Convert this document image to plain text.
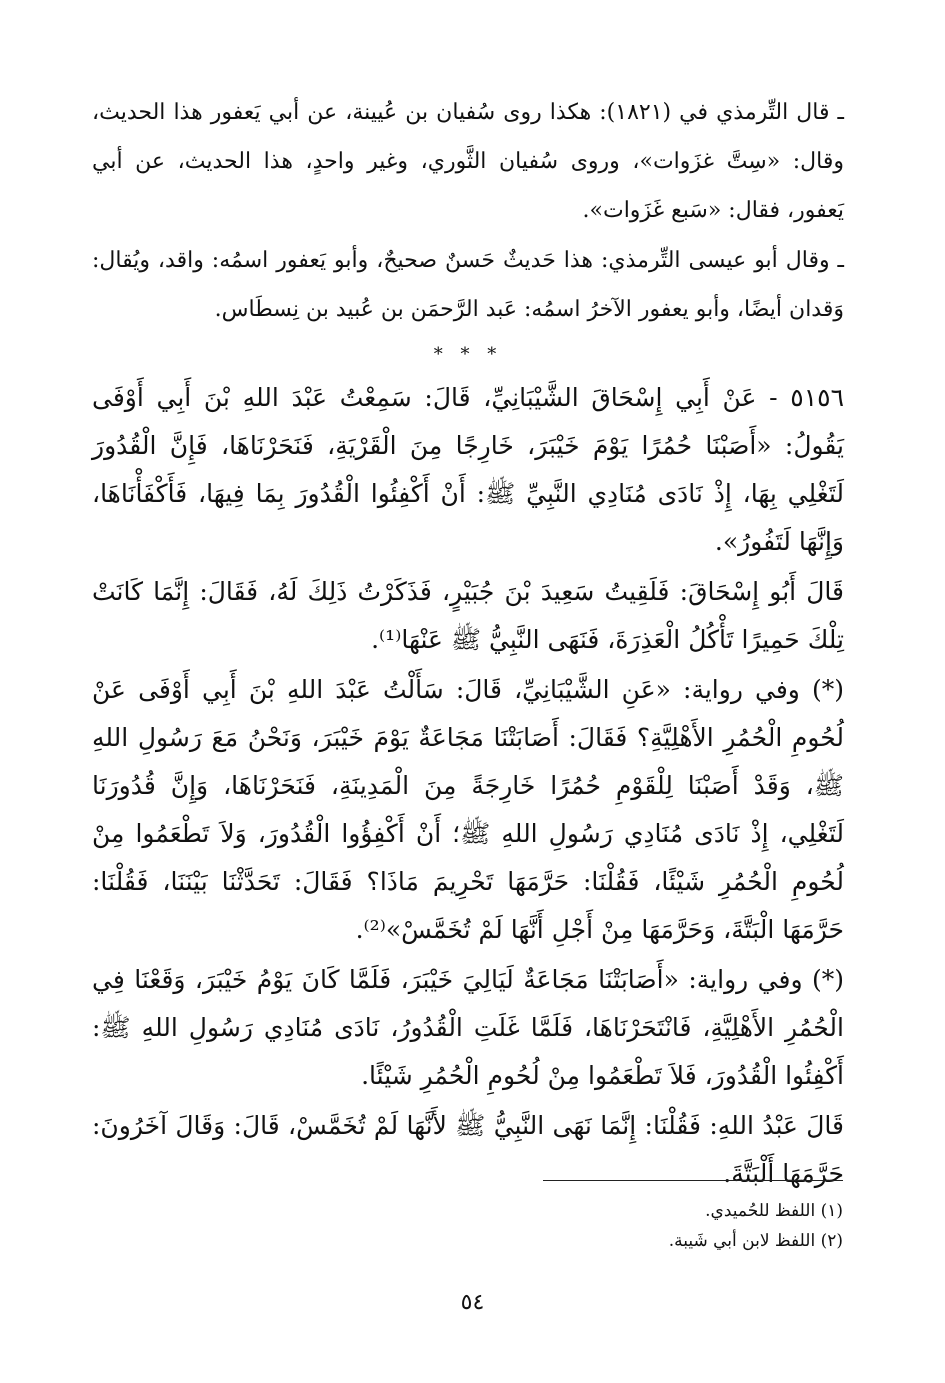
ـ قال التِّرمذي في (١٨٢١): هكذا روى سُفيان بن عُيينة، عن أبي يَعفور هذا الحديث، وقال: «سِتَّ غزَوات»، وروى سُفيان الثَّوري، وغير واحدٍ، هذا الحديث، عن أبي يَعفور، فقال: «سَبع غَزَوات».

ـ وقال أبو عيسى التِّرمذي: هذا حَديثٌ حَسنٌ صحيحٌ، وأبو يَعفور اسمُه: واقد، ويُقال: وَقدان أيضًا، وأبو يعفور الآخرُ اسمُه: عَبد الرَّحمَن بن عُبيد بن نِسطَاس.

* * *

٥١٥٦ - عَنْ أَبِي إِسْحَاقَ الشَّيْبَانِيِّ، قَالَ: سَمِعْتُ عَبْدَ اللهِ بْنَ أَبِي أَوْفَى يَقُولُ: «أَصَبْنَا حُمُرًا يَوْمَ خَيْبَرَ، خَارِجًا مِنَ الْقَرْيَةِ، فَنَحَرْنَاهَا، فَإِنَّ الْقُدُورَ لَتَغْلِي بِهَا، إِذْ نَادَى مُنَادِي النَّبِيِّ ﷺ: أَنْ أَكْفِئُوا الْقُدُورَ بِمَا فِيهَا، فَأَكْفَأْنَاهَا، وَإِنَّهَا لَتَفُورُ».

قَالَ أَبُو إِسْحَاقَ: فَلَقِيتُ سَعِيدَ بْنَ جُبَيْرٍ، فَذَكَرْتُ ذَلِكَ لَهُ، فَقَالَ: إِنَّمَا كَانَتْ تِلْكَ حَمِيرًا تَأْكُلُ الْعَذِرَةَ، فَنَهَى النَّبِيُّ ﷺ عَنْهَا⁽¹⁾.

(*) وفي رواية: «عَنِ الشَّيْبَانِيِّ، قَالَ: سَأَلْتُ عَبْدَ اللهِ بْنَ أَبِي أَوْفَى عَنْ لُحُومِ الْحُمُرِ الأَهْلِيَّةِ؟ فَقَالَ: أَصَابَتْنَا مَجَاعَةٌ يَوْمَ خَيْبَرَ، وَنَحْنُ مَعَ رَسُولِ اللهِ ﷺ، وَقَدْ أَصَبْنَا لِلْقَوْمِ حُمُرًا خَارِجَةً مِنَ الْمَدِينَةِ، فَنَحَرْنَاهَا، وَإِنَّ قُدُورَنَا لَتَغْلِي، إِذْ نَادَى مُنَادِي رَسُولِ اللهِ ﷺ؛ أَنْ أَكْفِؤُوا الْقُدُورَ، وَلاَ تَطْعَمُوا مِنْ لُحُومِ الْحُمُرِ شَيْئًا، فَقُلْنَا: حَرَّمَهَا تَحْرِيمَ مَاذَا؟ فَقَالَ: تَحَدَّثْنَا بَيْنَنَا، فَقُلْنَا: حَرَّمَهَا الْبَتَّةَ، وَحَرَّمَهَا مِنْ أَجْلِ أَنَّهَا لَمْ تُخَمَّسْ»⁽²⁾.

(*) وفي رواية: «أَصَابَتْنَا مَجَاعَةٌ لَيَالِيَ خَيْبَرَ، فَلَمَّا كَانَ يَوْمُ خَيْبَرَ، وَقَعْنَا فِي الْحُمُرِ الأَهْلِيَّةِ، فَانْتَحَرْنَاهَا، فَلَمَّا غَلَتِ الْقُدُورُ، نَادَى مُنَادِي رَسُولِ اللهِ ﷺ: أَكْفِئُوا الْقُدُورَ، فَلاَ تَطْعَمُوا مِنْ لُحُومِ الْحُمُرِ شَيْئًا.

قَالَ عَبْدُ اللهِ: فَقُلْنَا: إِنَّمَا نَهَى النَّبِيُّ ﷺ لأَنَّهَا لَمْ تُخَمَّسْ، قَالَ: وَقَالَ آخَرُونَ: حَرَّمَهَا أَلْبَتَّةَ.

(١) اللفظ للحُميدي.
(٢) اللفظ لابن أبي شَيبة.
٥٤
